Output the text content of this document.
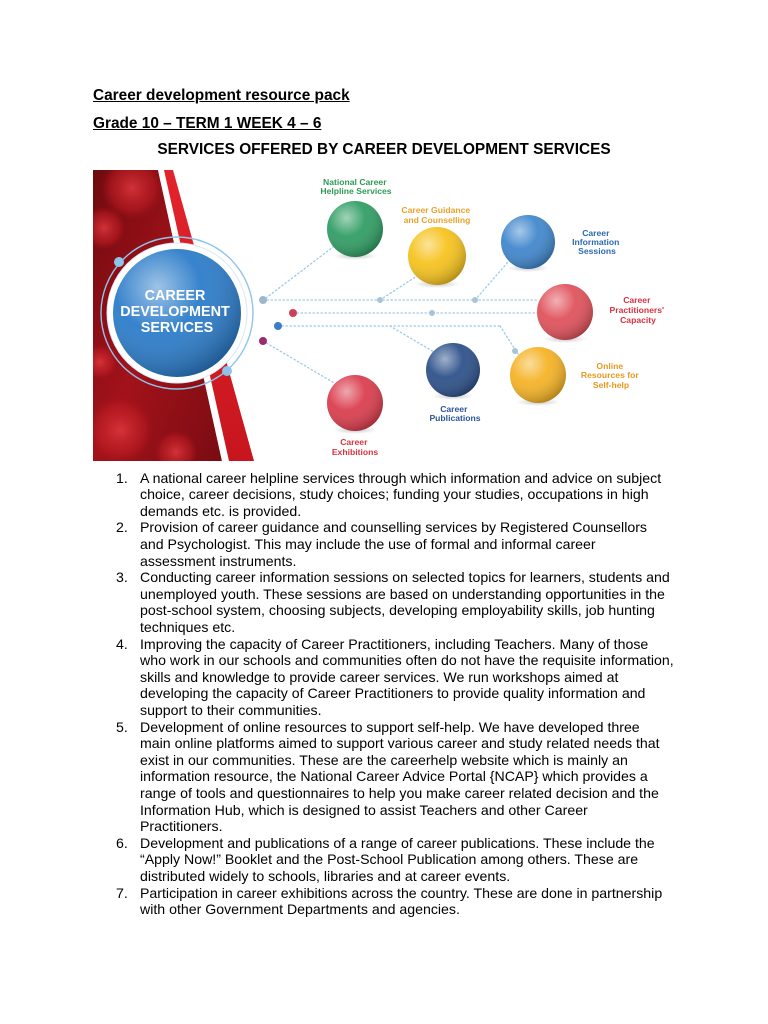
Career development resource pack
Grade 10 – TERM 1 WEEK 4 – 6
SERVICES OFFERED BY CAREER DEVELOPMENT SERVICES
CAREER DEVELOPMENT SERVICES
National Career Helpline Services
Career Guidance and Counselling
Career Information Sessions
Career Practitioners' Capacity
Online Resources for Self-help
Career Publications
Career Exhibitions
1. A national career helpline services through which information and advice on subject
choice, career decisions, study choices; funding your studies, occupations in high
demands etc. is provided.
2. Provision of career guidance and counselling services by Registered Counsellors
and Psychologist. This may include the use of formal and informal career
assessment instruments.
3. Conducting career information sessions on selected topics for learners, students and
unemployed youth. These sessions are based on understanding opportunities in the
post-school system, choosing subjects, developing employability skills, job hunting
techniques etc.
4. Improving the capacity of Career Practitioners, including Teachers. Many of those
who work in our schools and communities often do not have the requisite information,
skills and knowledge to provide career services. We run workshops aimed at
developing the capacity of Career Practitioners to provide quality information and
support to their communities.
5. Development of online resources to support self-help. We have developed three
main online platforms aimed to support various career and study related needs that
exist in our communities. These are the careerhelp website which is mainly an
information resource, the National Career Advice Portal {NCAP} which provides a
range of tools and questionnaires to help you make career related decision and the
Information Hub, which is designed to assist Teachers and other Career
Practitioners.
6. Development and publications of a range of career publications. These include the
“Apply Now!” Booklet and the Post-School Publication among others. These are
distributed widely to schools, libraries and at career events.
7. Participation in career exhibitions across the country. These are done in partnership
with other Government Departments and agencies.
